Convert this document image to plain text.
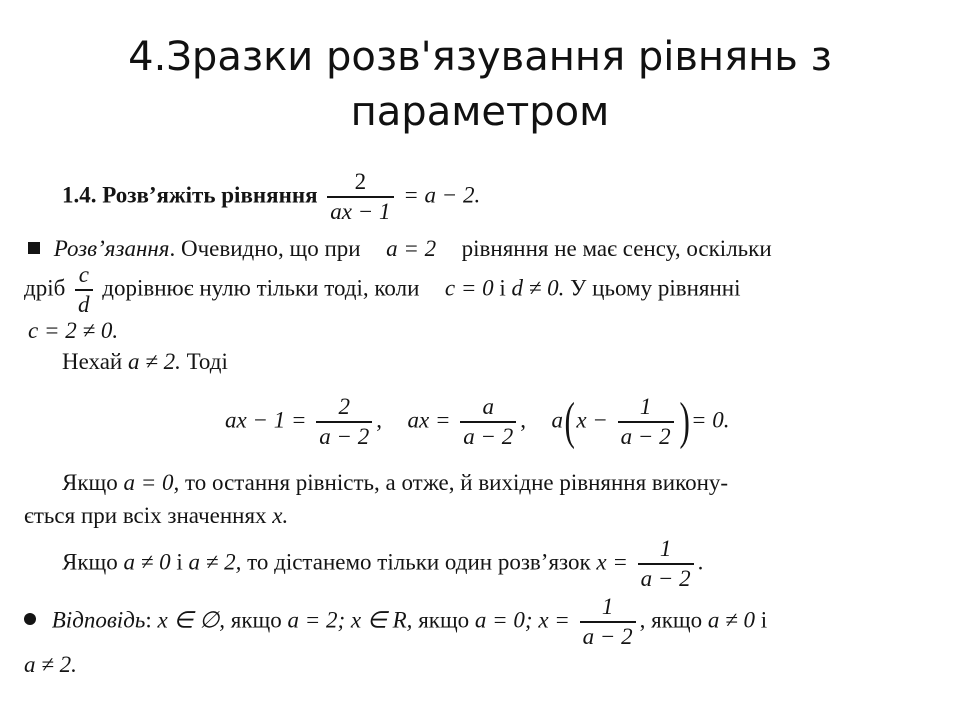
4.Зразки розв'язування рівнянь з параметром
1.4. Розв’яжіть рівняння $\frac{2}{ax - 1} = a - 2$.
Розв’язання. Очевидно, що при a = 2 рівняння не має сенсу, оскільки
дріб $\frac{c}{d}$ дорівнює нулю тільки тоді, коли c = 0 і d ≠ 0. У цьому рівнянні
c = 2 ≠ 0.
Нехай a ≠ 2. Тоді
ax − $1 = \frac{2}{a - 2}$ , ax = $\frac{a}{a - 2}$ , $a(x - \frac{1}{a - 2}$ )= 0.
Якщо a = 0, то остання рівність, а отже, й вихідне рівняння викону-
ється при всіх значеннях x.
Якщо a ≠ 0 і a ≠ 2, то дістанемо тільки один розв’язок $x = \frac{1}{a - 2}$ .
Відповідь: x ∈ ∅, якщо a = 2; x ∈ R, якщо a = 0; $x = \frac{1}{a - 2}$ , якщо a ≠ 0 і
a ≠ 2.
